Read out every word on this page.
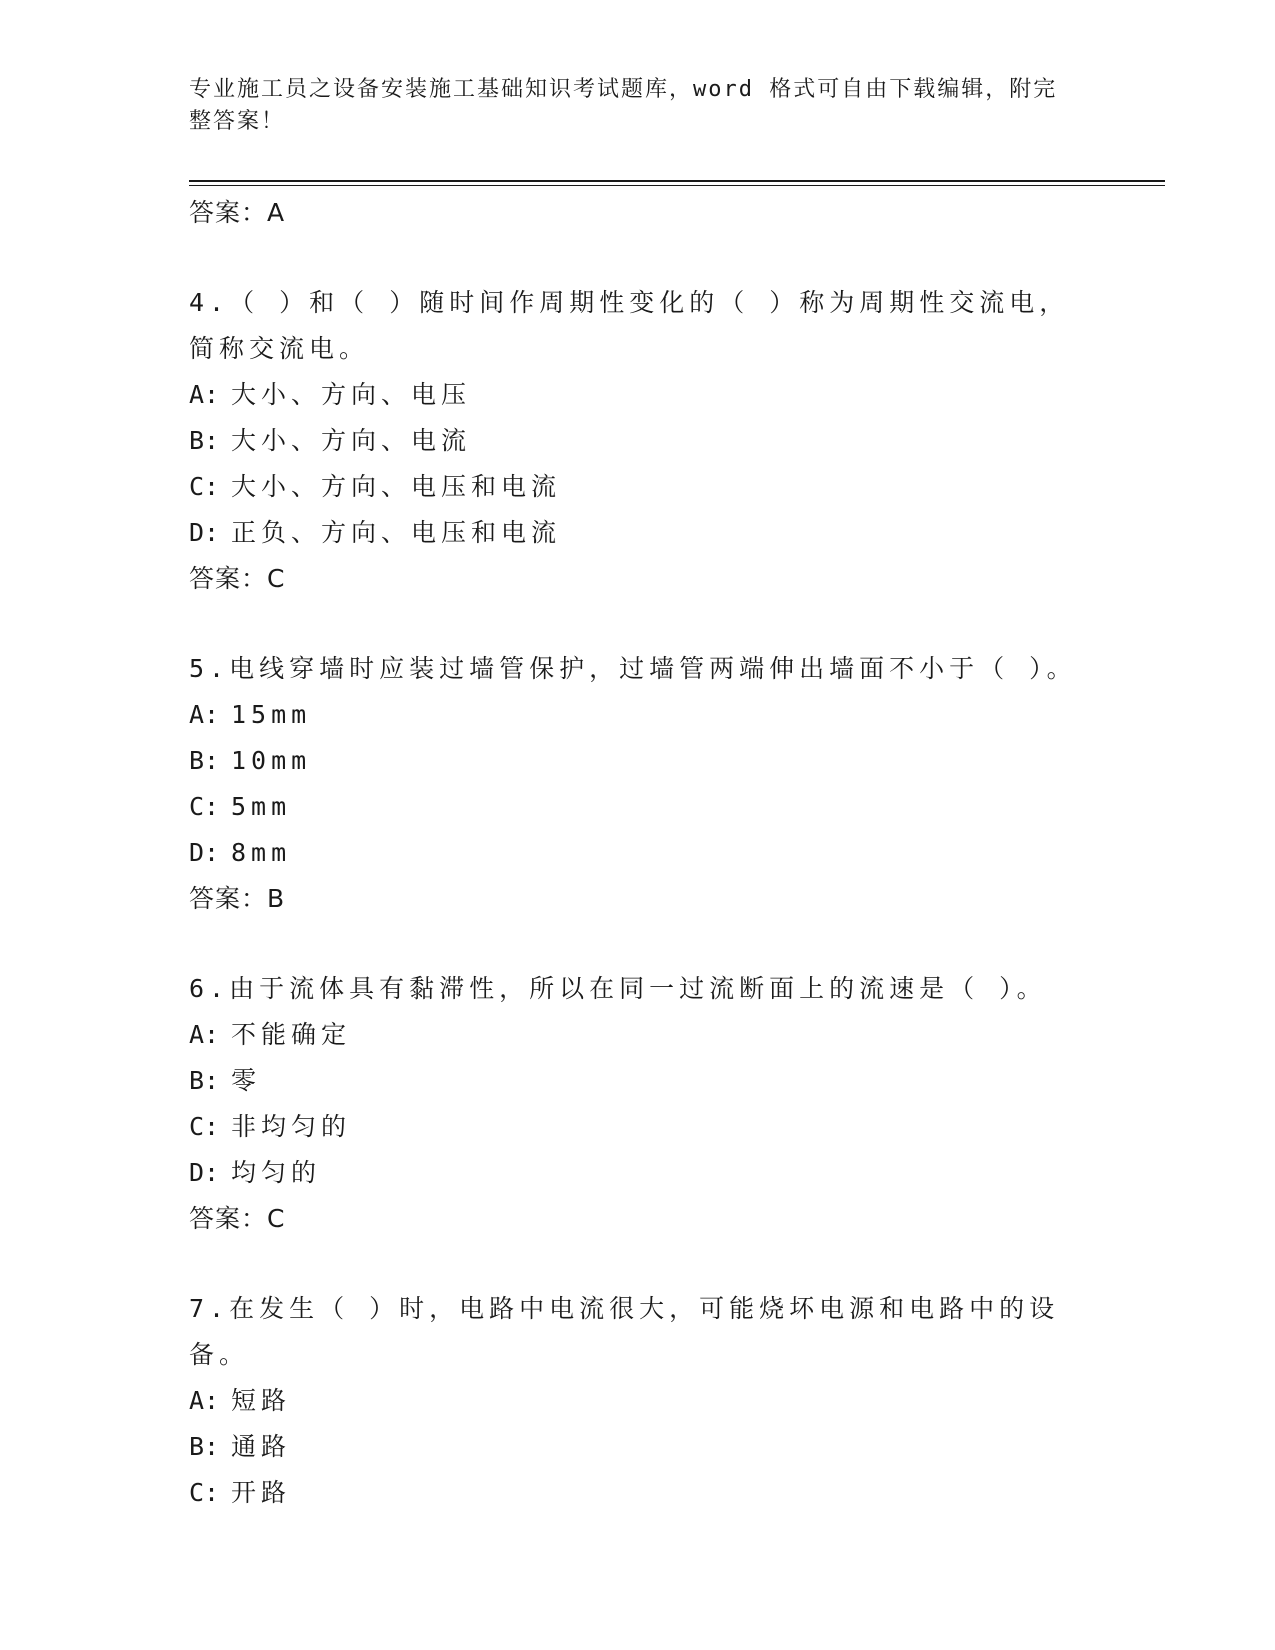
专业施工员之设备安装施工基础知识考试题库，word 格式可自由下载编辑，附完
整答案！
答案：A
4.（ ）和（ ）随时间作周期性变化的（ ）称为周期性交流电，简称交流电。
A: 大小、方向、电压
B: 大小、方向、电流
C: 大小、方向、电压和电流
D: 正负、方向、电压和电流
答案：C
5.电线穿墙时应装过墙管保护，过墙管两端伸出墙面不小于（ ）。
A: 15mm
B: 10mm
C: 5mm
D: 8mm
答案：B
6.由于流体具有黏滞性，所以在同一过流断面上的流速是（ ）。
A: 不能确定
B: 零
C: 非均匀的
D: 均匀的
答案：C
7.在发生（ ）时，电路中电流很大，可能烧坏电源和电路中的设备。
A: 短路
B: 通路
C: 开路
